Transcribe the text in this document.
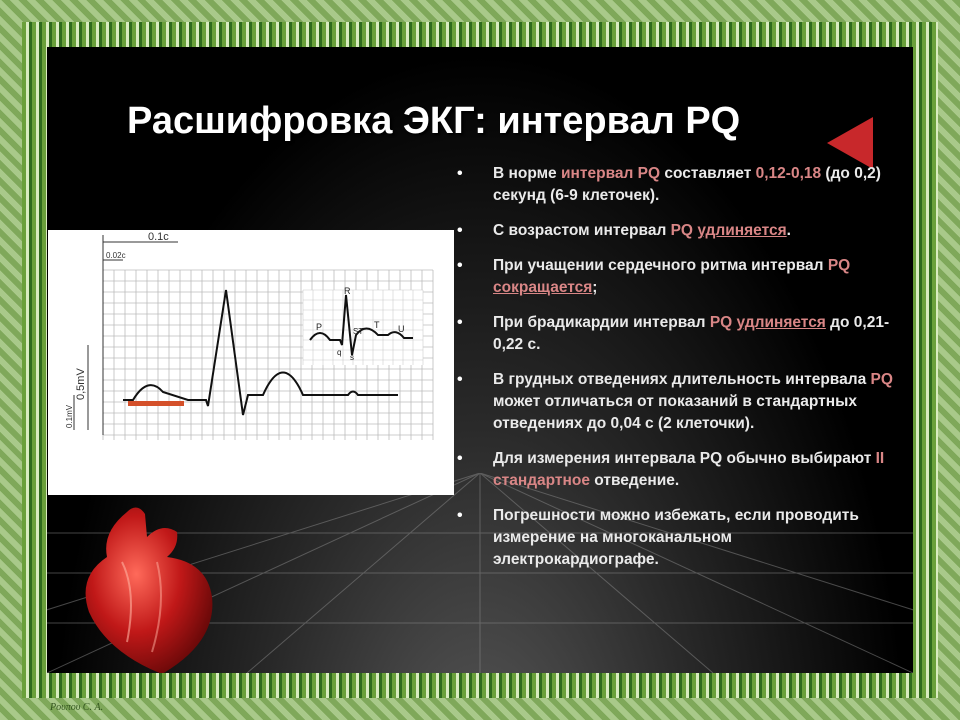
Расшифровка ЭКГ: интервал PQ
0.1c
0.02c
0,5mV
0.1mV
R
P	ST
T U
q
s
• В норме интервал PQ составляет 0,12-0,18 (до 0,2) секунд (6-9 клеточек).
• С возрастом интервал PQ удлиняется.
• При учащении сердечного ритма интервал PQ сокращается;
• При брадикардии интервал PQ удлиняется до 0,21-0,22 с.
• В грудных отведениях длительность интервала PQ может отличаться от показаний в стандартных отведениях до 0,04 с (2 клеточки).
• Для измерения интервала PQ обычно выбирают II стандартное отведение.
• Погрешности можно избежать, если проводить измерение на многоканальном электрокардиографе.
Ρουπου С. А.
